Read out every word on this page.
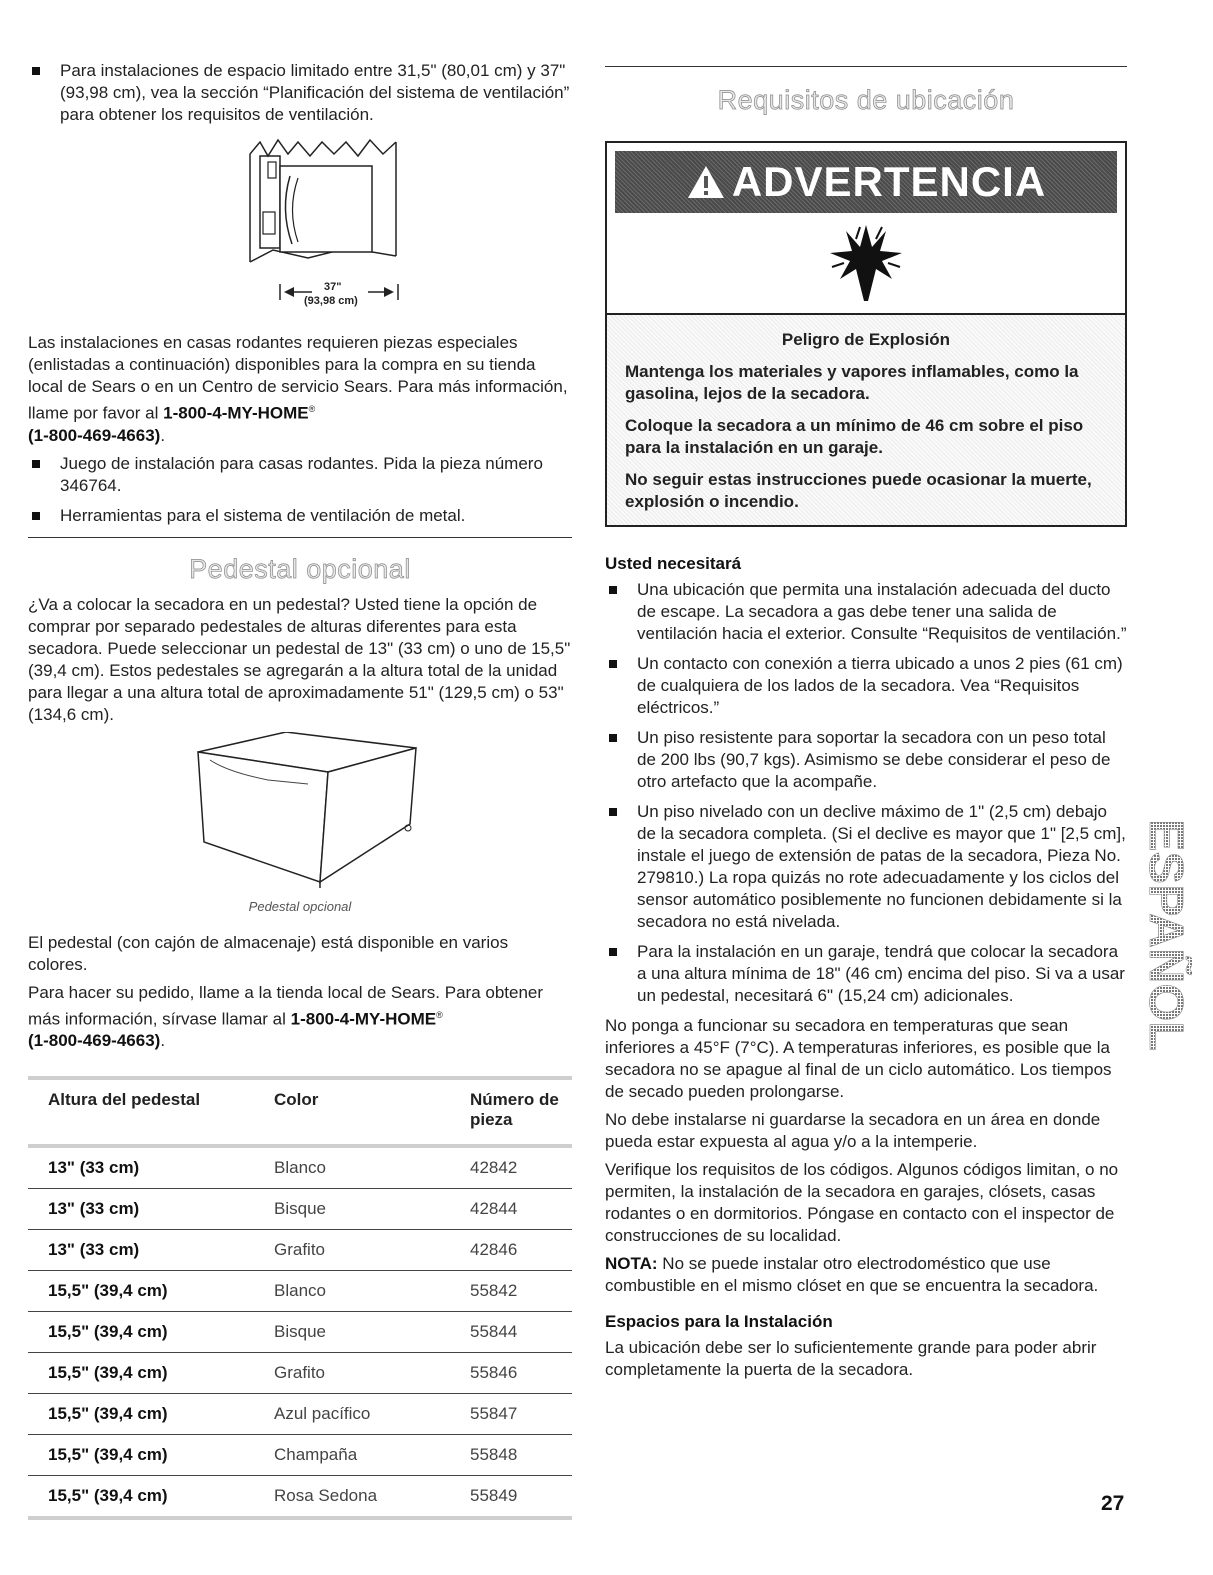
Para instalaciones de espacio limitado entre 31,5" (80,01 cm) y 37" (93,98 cm), vea la sección “Planificación del sistema de ventilación” para obtener los requisitos de ventilación.
37"
(93,98 cm)

Las instalaciones en casas rodantes requieren piezas especiales (enlistadas a continuación) disponibles para la compra en su tienda local de Sears o en un Centro de servicio Sears. Para más información, llame por favor al 1-800-4-MY-HOME®
(1-800-469-4663).

Juego de instalación para casas rodantes. Pida la pieza número 346764.
Herramientas para el sistema de ventilación de metal.
Pedestal opcional

¿Va a colocar la secadora en un pedestal? Usted tiene la opción de comprar por separado pedestales de alturas diferentes para esta secadora. Puede seleccionar un pedestal de 13" (33 cm) o uno de 15,5" (39,4 cm). Estos pedestales se agregarán a la altura total de la unidad para llegar a una altura total de aproximadamente 51" (129,5 cm) o 53" (134,6 cm).

Pedestal opcional

El pedestal (con cajón de almacenaje) está disponible en varios colores.

Para hacer su pedido, llame a la tienda local de Sears. Para obtener más información, sírvase llamar al 1-800-4-MY-HOME®
(1-800-469-4663).

Altura del pedestal	Color	Número de pieza
13" (33 cm)	Blanco	42842
13" (33 cm)	Bisque	42844
13" (33 cm)	Grafito	42846
15,5" (39,4 cm)	Blanco	55842
15,5" (39,4 cm)	Bisque	55844
15,5" (39,4 cm)	Grafito	55846
15,5" (39,4 cm)	Azul pacífico	55847
15,5" (39,4 cm)	Champaña	55848
15,5" (39,4 cm)	Rosa Sedona	55849
Requisitos de ubicación
ADVERTENCIA

Peligro de Explosión

Mantenga los materiales y vapores inflamables, como la gasolina, lejos de la secadora.

Coloque la secadora a un mínimo de 46 cm sobre el piso para la instalación en un garaje.

No seguir estas instrucciones puede ocasionar la muerte, explosión o incendio.

Usted necesitará
Una ubicación que permita una instalación adecuada del ducto de escape. La secadora a gas debe tener una salida de ventilación hacia el exterior. Consulte “Requisitos de ventilación.”
Un contacto con conexión a tierra ubicado a unos 2 pies (61 cm) de cualquiera de los lados de la secadora. Vea “Requisitos eléctricos.”
Un piso resistente para soportar la secadora con un peso total de 200 lbs (90,7 kgs). Asimismo se debe considerar el peso de otro artefacto que la acompañe.
Un piso nivelado con un declive máximo de 1" (2,5 cm) debajo de la secadora completa. (Si el declive es mayor que 1" [2,5 cm], instale el juego de extensión de patas de la secadora, Pieza No. 279810.) La ropa quizás no rote adecuadamente y los ciclos del sensor automático posiblemente no funcionen debidamente si la secadora no está nivelada.
Para la instalación en un garaje, tendrá que colocar la secadora a una altura mínima de 18" (46 cm) encima del piso. Si va a usar un pedestal, necesitará 6" (15,24 cm) adicionales.

No ponga a funcionar su secadora en temperaturas que sean inferiores a 45°F (7°C). A temperaturas inferiores, es posible que la secadora no se apague al final de un ciclo automático. Los tiempos de secado pueden prolongarse.

No debe instalarse ni guardarse la secadora en un área en donde pueda estar expuesta al agua y/o a la intemperie.

Verifique los requisitos de los códigos. Algunos códigos limitan, o no permiten, la instalación de la secadora en garajes, clósets, casas rodantes o en dormitorios. Póngase en contacto con el inspector de construcciones de su localidad.

NOTA: No se puede instalar otro electrodoméstico que use combustible en el mismo clóset en que se encuentra la secadora.

Espacios para la Instalación

La ubicación debe ser lo suficientemente grande para poder abrir completamente la puerta de la secadora.

ESPAÑOL
27
